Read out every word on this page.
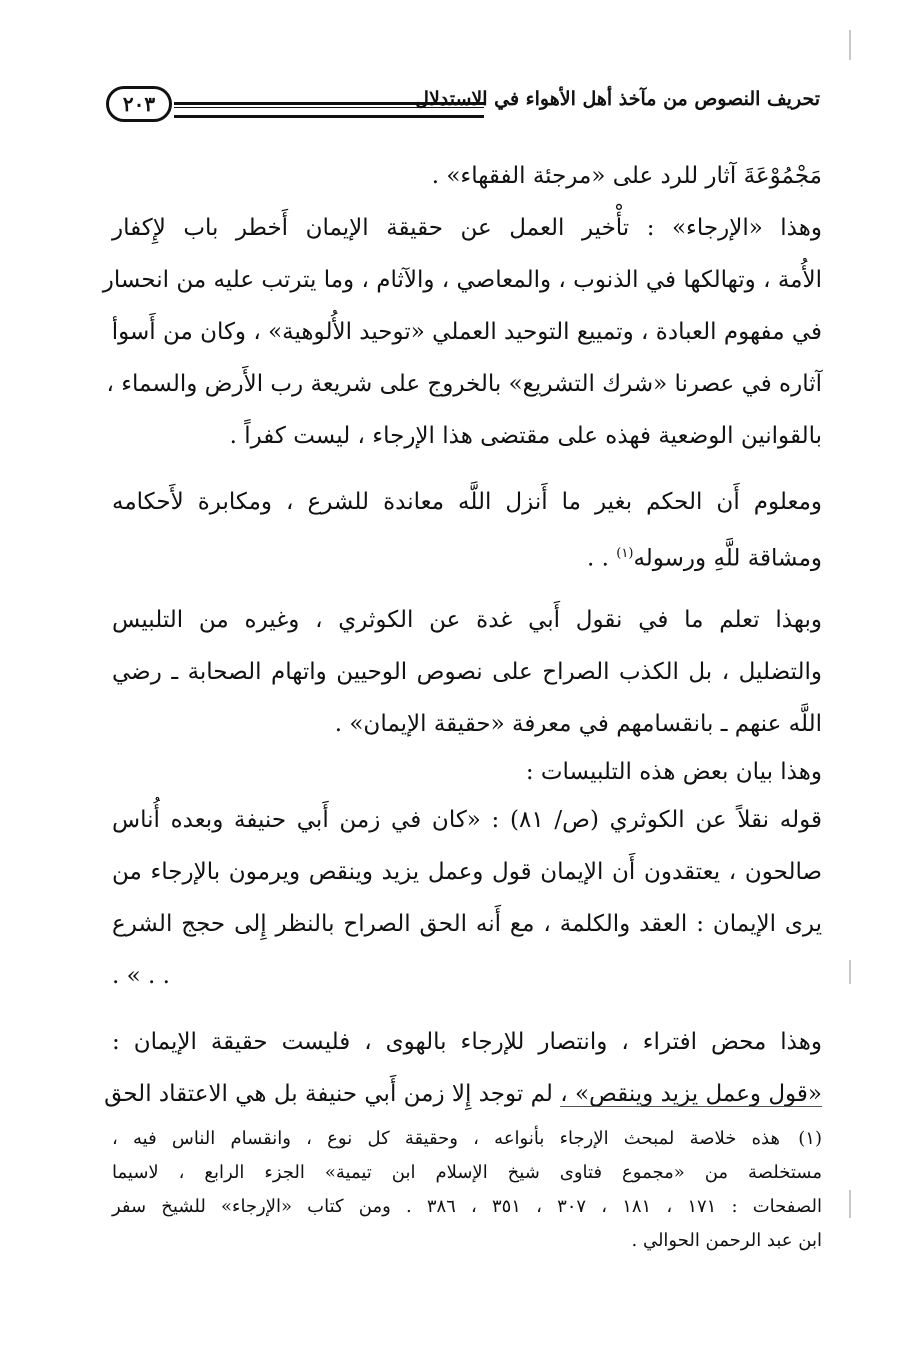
تحريف النصوص من مآخذ أهل الأهواء في الاستدلال
٢٠٣
مَجْمُوْعَةَ آثار للرد على «مرجئة الفقهاء» .
وهذا «الإرجاء» : تأْخير العمل عن حقيقة الإيمان أَخطر باب لإِكفار
الأُمة ، وتهالكها في الذنوب ، والمعاصي ، والآثام ، وما يترتب عليه من انحسار
في مفهوم العبادة ، وتمييع التوحيد العملي «توحيد الأُلوهية» ، وكان من أَسوأ
آثاره في عصرنا «شرك التشريع» بالخروج على شريعة رب الأَرض والسماء ،
بالقوانين الوضعية فهذه على مقتضى هذا الإرجاء ، ليست كفراً .
ومعلوم أَن الحكم بغير ما أَنزل اللَّه معاندة للشرع ، ومكابرة لأَحكامه
ومشاقة للَّهِ ورسوله$^{(١)}$ . .
وبهذا تعلم ما في نقول أَبي غدة عن الكوثري ، وغيره من التلبيس
والتضليل ، بل الكذب الصراح على نصوص الوحيين واتهام الصحابة ـ رضي
اللَّه عنهم ـ بانقسامهم في معرفة «حقيقة الإيمان» .
وهذا بيان بعض هذه التلبيسات :
قوله نقلاً عن الكوثري (ص/ ٨١) : «كان في زمن أَبي حنيفة وبعده أُناس
صالحون ، يعتقدون أَن الإيمان قول وعمل يزيد وينقص ويرمون بالإرجاء من
يرى الإيمان : العقد والكلمة ، مع أَنه الحق الصراح بالنظر إِلى حجج الشرع
. . » .
وهذا محض افتراء ، وانتصار للإرجاء بالهوى ، فليست حقيقة الإيمان :
«قول وعمل يزيد وينقص» ، لم توجد إِلا زمن أَبي حنيفة بل هي الاعتقاد الحق
(١)
هذه خلاصة لمبحث الإرجاء بأنواعه ، وحقيقة كل نوع ، وانقسام الناس فيه ،
مستخلصة من «مجموع فتاوى شيخ الإسلام ابن تيمية» الجزء الرابع ، لاسيما
الصفحات : ١٧١ ، ١٨١ ، ٣٠٧ ، ٣٥١ ، ٣٨٦ . ومن كتاب «الإرجاء» للشيخ سفر
ابن عبد الرحمن الحوالي .
